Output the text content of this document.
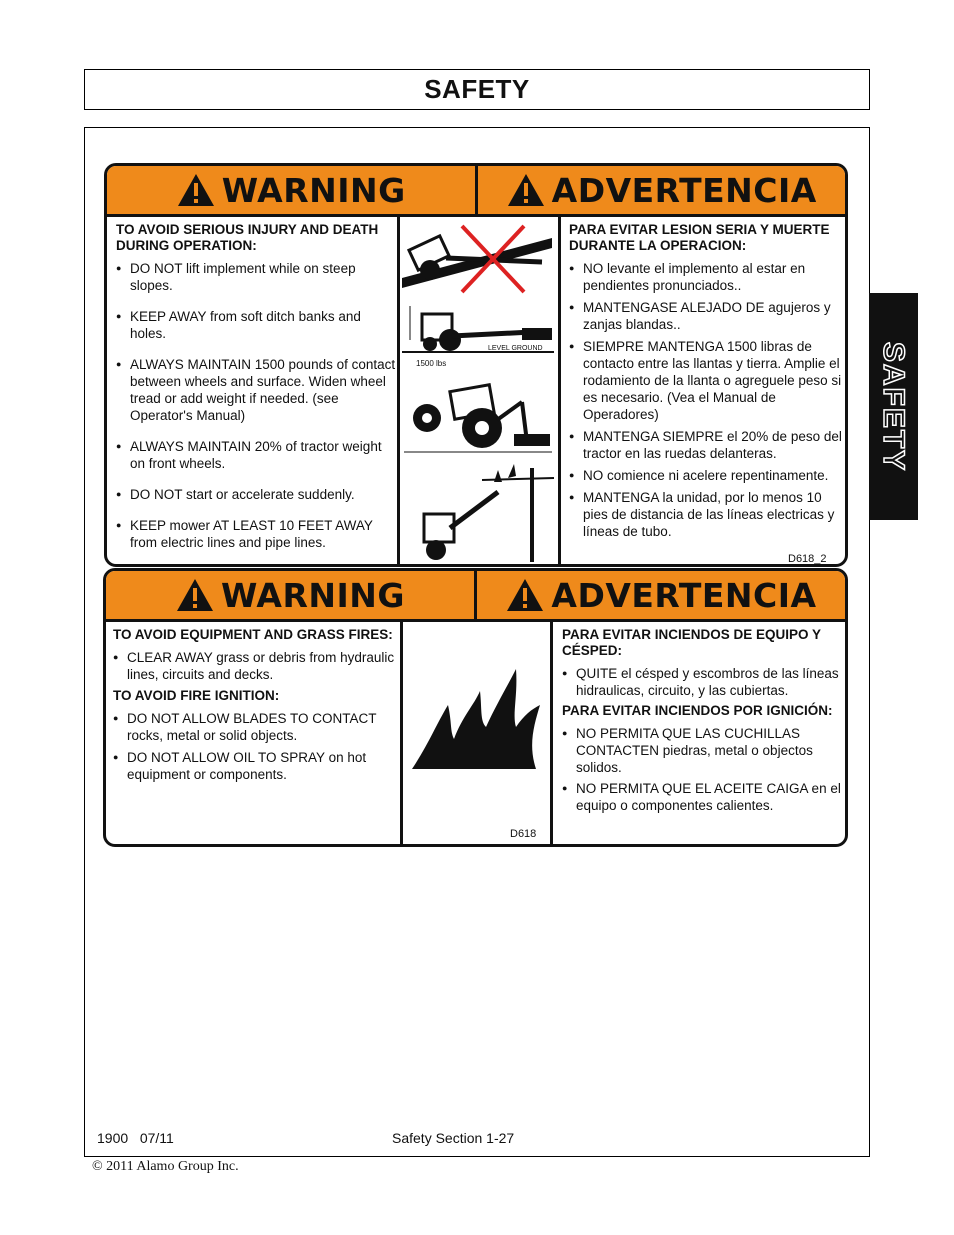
SAFETY
SAFETY
WARNING	ADVERTENCIA

TO AVOID SERIOUS INJURY AND DEATH DURING OPERATION:

● DO NOT lift implement while on steep slopes.
● KEEP AWAY from soft ditch banks and holes.
● ALWAYS MAINTAIN 1500 pounds of contact between wheels and surface. Widen wheel tread or add weight if needed. (see Operator's Manual)
● ALWAYS MAINTAIN 20% of tractor weight on front wheels.
● DO NOT start or accelerate suddenly.
● KEEP mower AT LEAST 10 FEET AWAY from electric lines and pipe lines.
1500 lbs
LEVEL GROUND
D618_2

PARA EVITAR LESION SERIA Y MUERTE DURANTE LA OPERACION:

● NO levante el implemento al estar en pendientes pronunciados..
● MANTENGASE ALEJADO DE agujeros y zanjas blandas..
● SIEMPRE MANTENGA 1500 libras de contacto entre las llantas y tierra. Amplie el rodamiento de la llanta o agreguele peso si es necesario. (Vea el Manual de Operadores)
● MANTENGA SIEMPRE el 20% de peso del tractor en las ruedas delanteras.
● NO comience ni acelere repentinamente.
● MANTENGA la unidad, por lo menos 10 pies de distancia de las líneas electricas y líneas de tubo.
WARNING	ADVERTENCIA

TO AVOID EQUIPMENT AND GRASS FIRES:

● CLEAR AWAY grass or debris from hydraulic lines, circuits and decks.

TO AVOID FIRE IGNITION:

● DO NOT ALLOW BLADES TO CONTACT rocks, metal or solid objects.
● DO NOT ALLOW OIL TO SPRAY on hot equipment or components.
D618

PARA EVITAR INCIENDOS DE EQUIPO Y CÉSPED:

● QUITE el césped y escombros de las líneas hidraulicas, circuito, y las cubiertas.

PARA EVITAR INCIENDOS POR IGNICIÓN:

● NO PERMITA QUE LAS CUCHILLAS CONTACTEN piedras, metal o objectos solidos.
● NO PERMITA QUE EL ACEITE CAIGA en el equipo o componentes calientes.
1900   07/11	Safety Section 1-27
© 2011 Alamo Group Inc.
